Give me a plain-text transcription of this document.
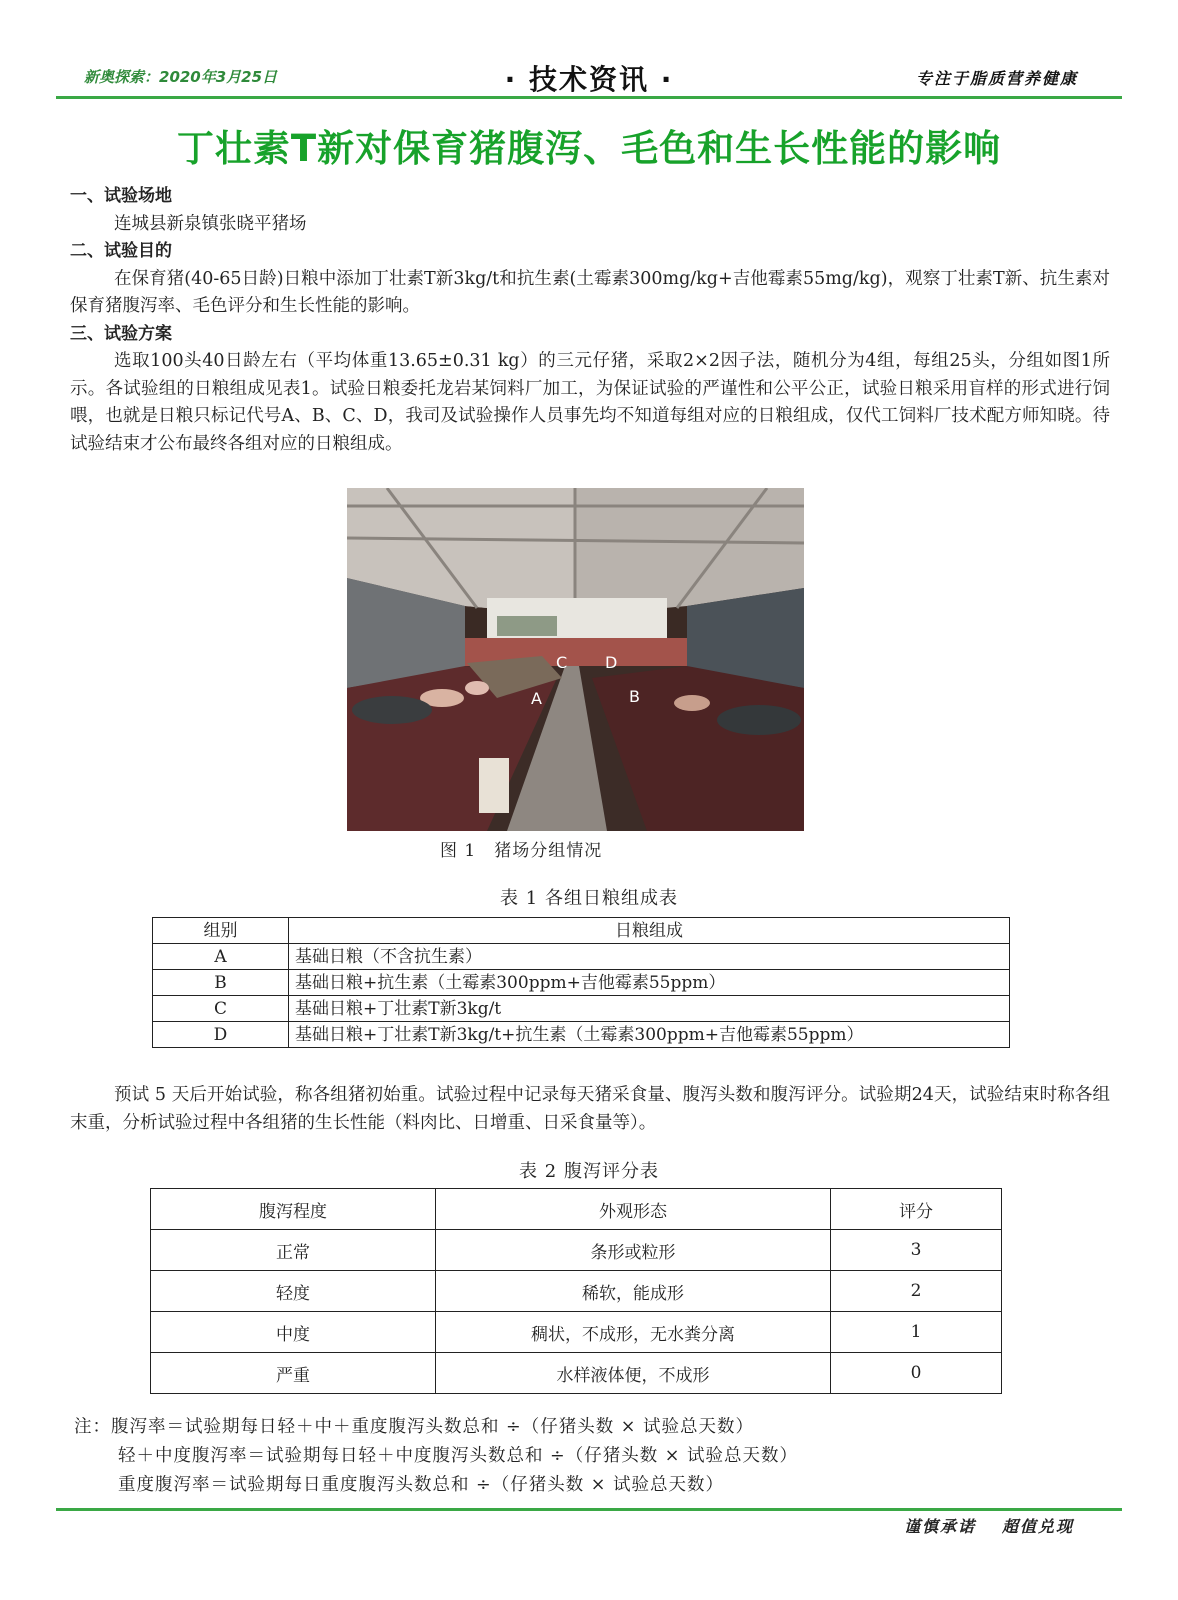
新奥探索：2020年3月25日	· 技术资讯 ·	专注于脂质营养健康
丁壮素T新对保育猪腹泻、毛色和生长性能的影响
一、试验场地
连城县新泉镇张晓平猪场
二、试验目的
在保育猪(40-65日龄)日粮中添加丁壮素T新3kg/t和抗生素(土霉素300mg/kg+吉他霉素55mg/kg)，观察丁壮素T新、抗生素对保育猪腹泻率、毛色评分和生长性能的影响。
三、试验方案
选取100头40日龄左右（平均体重13.65±0.31 kg）的三元仔猪，采取2×2因子法，随机分为4组，每组25头，分组如图1所示。各试验组的日粮组成见表1。试验日粮委托龙岩某饲料厂加工，为保证试验的严谨性和公平公正，试验日粮采用盲样的形式进行饲喂，也就是日粮只标记代号A、B、C、D，我司及试验操作人员事先均不知道每组对应的日粮组成，仅代工饲料厂技术配方师知晓。待试验结束才公布最终各组对应的日粮组成。
A	B
C D
图 1　猪场分组情况
表 1 各组日粮组成表
组别	日粮组成
A	基础日粮（不含抗生素）
B	基础日粮+抗生素（土霉素300ppm+吉他霉素55ppm）
C	基础日粮+丁壮素T新3kg/t
D	基础日粮+丁壮素T新3kg/t+抗生素（土霉素300ppm+吉他霉素55ppm）
预试 5 天后开始试验，称各组猪初始重。试验过程中记录每天猪采食量、腹泻头数和腹泻评分。试验期24天，试验结束时称各组末重，分析试验过程中各组猪的生长性能（料肉比、日增重、日采食量等）。
表 2 腹泻评分表
腹泻程度	外观形态	评分
正常	条形或粒形	3
轻度	稀软，能成形	2
中度	稠状，不成形，无水粪分离	1
严重	水样液体便，不成形	0
注：腹泻率＝试验期每日轻＋中＋重度腹泻头数总和 ÷（仔猪头数 × 试验总天数）
轻＋中度腹泻率＝试验期每日轻＋中度腹泻头数总和 ÷（仔猪头数 × 试验总天数）
重度腹泻率＝试验期每日重度腹泻头数总和 ÷（仔猪头数 × 试验总天数）
谨慎承诺 超值兑现
